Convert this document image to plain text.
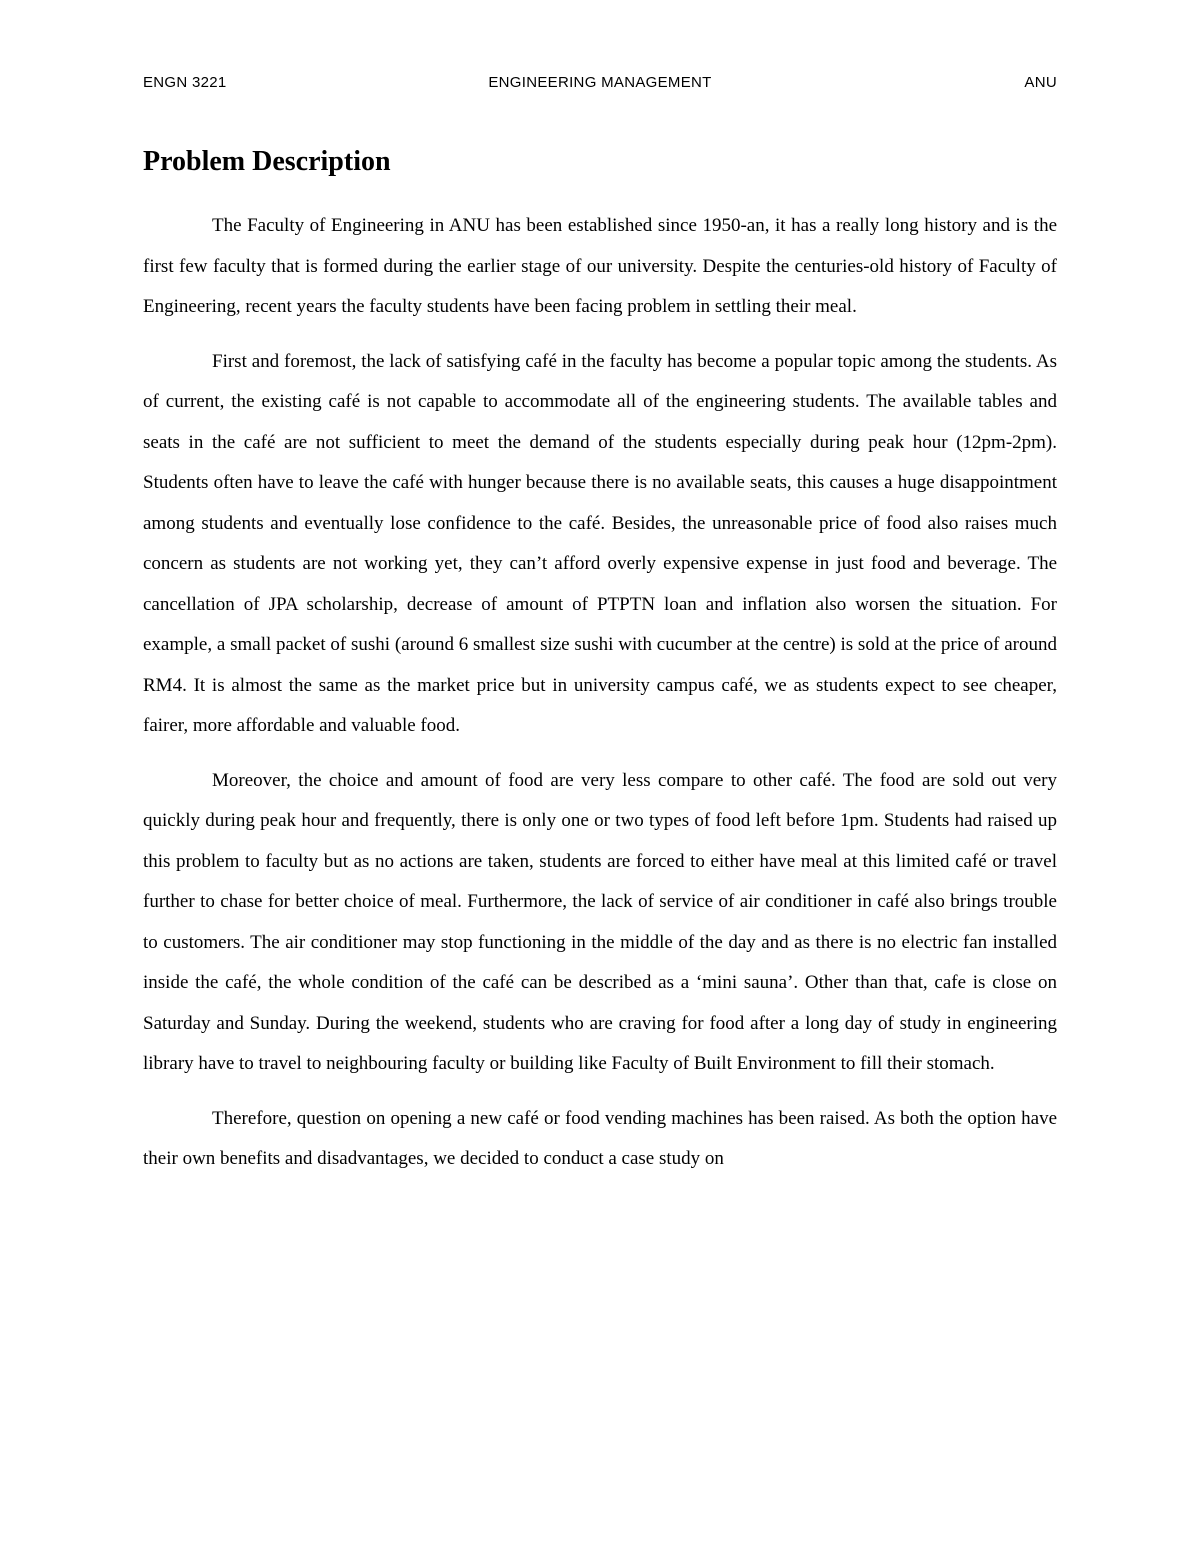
ENGN 3221	ENGINEERING MANAGEMENT	ANU
Problem Description

The Faculty of Engineering in ANU has been established since 1950-an, it has a really long history and is the first few faculty that is formed during the earlier stage of our university. Despite the centuries-old history of Faculty of Engineering, recent years the faculty students have been facing problem in settling their meal.

First and foremost, the lack of satisfying café in the faculty has become a popular topic among the students. As of current, the existing café is not capable to accommodate all of the engineering students. The available tables and seats in the café are not sufficient to meet the demand of the students especially during peak hour (12pm-2pm). Students often have to leave the café with hunger because there is no available seats, this causes a huge disappointment among students and eventually lose confidence to the café. Besides, the unreasonable price of food also raises much concern as students are not working yet, they can’t afford overly expensive expense in just food and beverage. The cancellation of JPA scholarship, decrease of amount of PTPTN loan and inflation also worsen the situation. For example, a small packet of sushi (around 6 smallest size sushi with cucumber at the centre) is sold at the price of around RM4. It is almost the same as the market price but in university campus café, we as students expect to see cheaper, fairer, more affordable and valuable food.

Moreover, the choice and amount of food are very less compare to other café. The food are sold out very quickly during peak hour and frequently, there is only one or two types of food left before 1pm. Students had raised up this problem to faculty but as no actions are taken, students are forced to either have meal at this limited café or travel further to chase for better choice of meal. Furthermore, the lack of service of air conditioner in café also brings trouble to customers. The air conditioner may stop functioning in the middle of the day and as there is no electric fan installed inside the café, the whole condition of the café can be described as a ‘mini sauna’. Other than that, cafe is close on Saturday and Sunday. During the weekend, students who are craving for food after a long day of study in engineering library have to travel to neighbouring faculty or building like Faculty of Built Environment to fill their stomach.

Therefore, question on opening a new café or food vending machines has been raised. As both the option have their own benefits and disadvantages, we decided to conduct a case study on
